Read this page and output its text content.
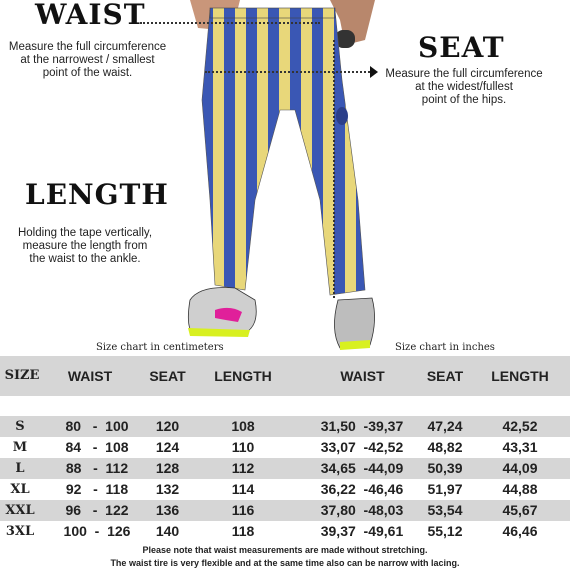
WAIST
Measure the full circumference
at the narrowest / smallest
point of the waist.
SEAT
Measure the full circumference
at the widest/fullest
point of the hips.
LENGTH
Holding the tape vertically,
measure the length from
the waist to the ankle.
Size chart in centimeters	Size chart in inches
SIZE	WAIST	SEAT	LENGTH	WAIST	SEAT	LENGTH
S	80   -  100	120	108	31,50  -39,37	47,24	42,52
M	84   -  108	124	110	33,07  -42,52	48,82	43,31
L	88   -  112	128	112	34,65  -44,09	50,39	44,09
XL	92   -  118	132	114	36,22  -46,46	51,97	44,88
XXL	96   -  122	136	116	37,80  -48,03	53,54	45,67
3XL	100  -  126	140	118	39,37  -49,61	55,12	46,46
Please note that waist measurements are made without stretching.
The waist tire is very flexible and at the same time also can be narrow with lacing.
